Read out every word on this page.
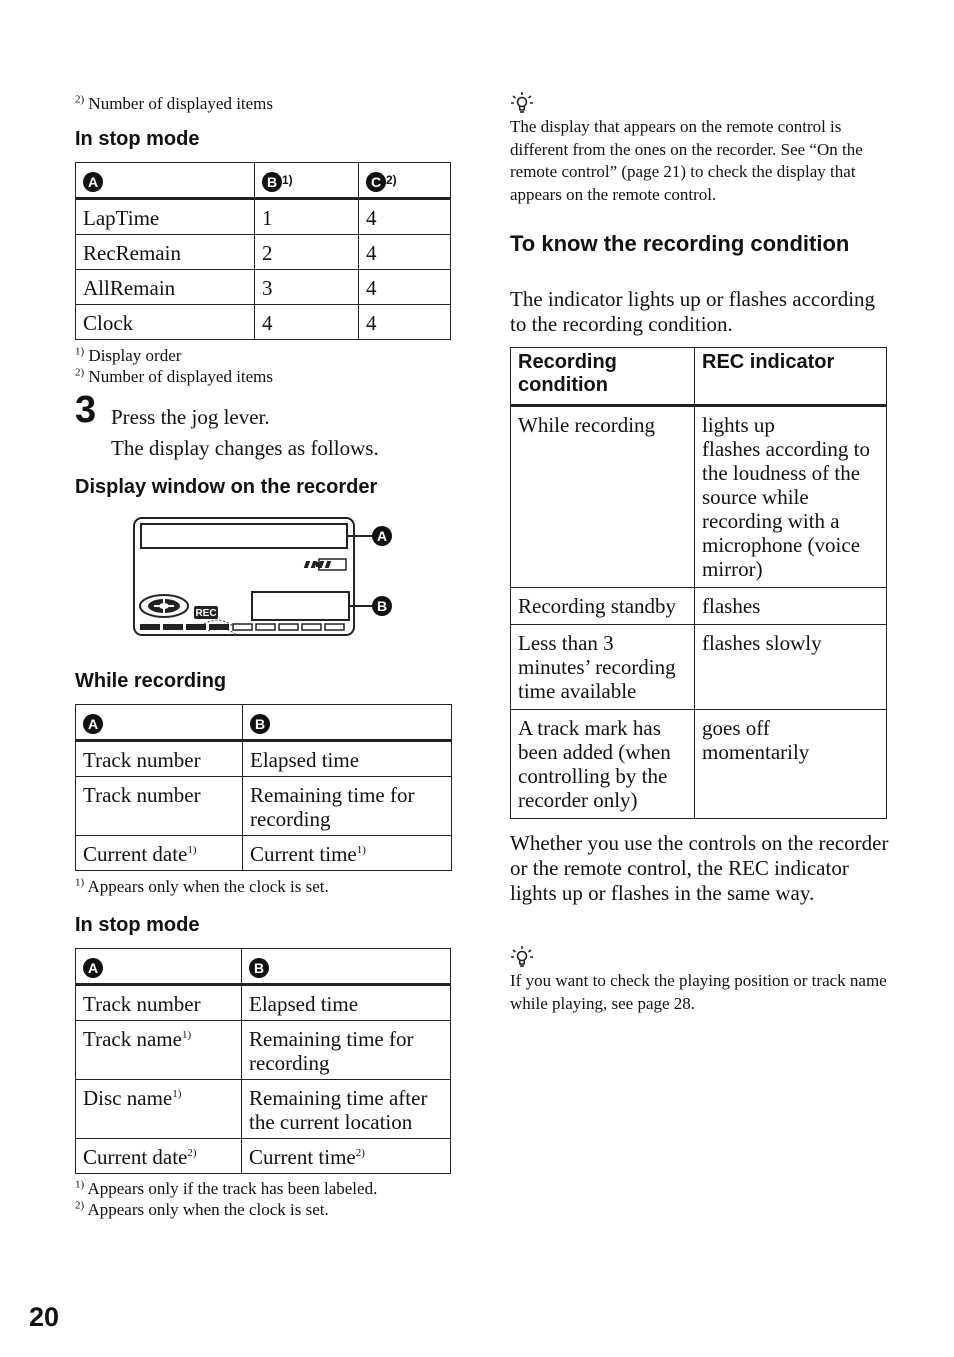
$^{2)}$ Number of displayed items
In stop mode
A	B $^{1)}$	C $^{2)}$
LapTime	1	4
RecRemain	2	4
AllRemain	3	4
Clock	4	4
$^{1)}$ Display order
$^{2)}$ Number of displayed items
3 Press the jog lever.
The display changes as follows.
Display window on the recorder
REC
A
B
While recording
A	B
Track number	Elapsed time
Track number	Remaining time for recording
Current date$^{1)}$	Current time$^{1)}$
$^{1)}$ Appears only when the clock is set.
In stop mode
A	B
Track number	Elapsed time
Track name$^{1)}$	Remaining time for recording
Disc name$^{1)}$	Remaining time after the current location
Current date$^{2)}$	Current time$^{2)}$
$^{1)}$ Appears only if the track has been labeled.
$^{2)}$ Appears only when the clock is set.
20
The display that appears on the remote control is different from the ones on the recorder. See “On the remote control” (page 21) to check the display that appears on the remote control.
To know the recording condition
The indicator lights up or flashes according to the recording condition.
Recording condition	REC indicator
While recording	lights up
flashes according to the loudness of the source while recording with a microphone (voice mirror)
Recording standby	flashes
Less than 3 minutes’ recording time available	flashes slowly
A track mark has been added (when controlling by the recorder only)	goes off momentarily
Whether you use the controls on the recorder or the remote control, the REC indicator lights up or flashes in the same way.
If you want to check the playing position or track name while playing, see page 28.
